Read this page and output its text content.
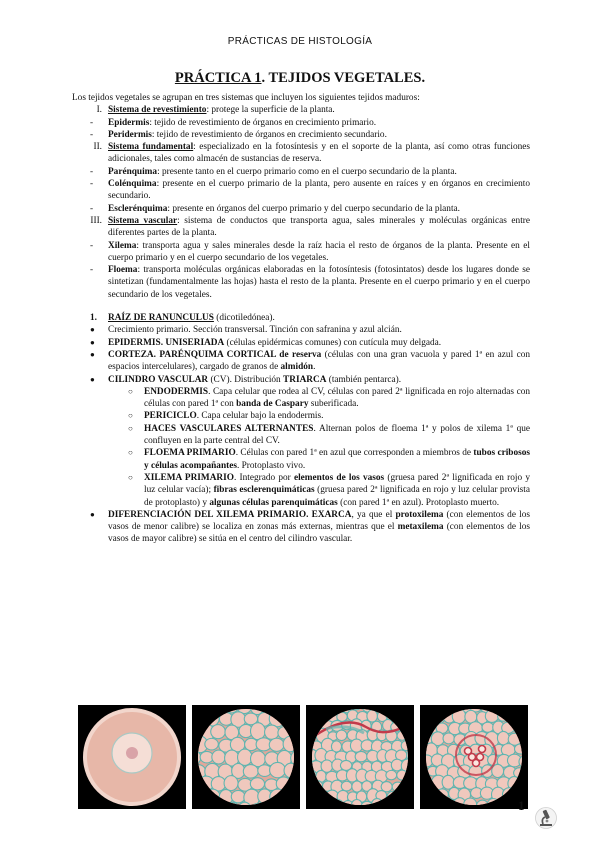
PRÁCTICAS DE HISTOLOGÍA
PRÁCTICA 1. TEJIDOS VEGETALES.

Los tejidos vegetales se agrupan en tres sistemas que incluyen los siguientes tejidos maduros:

I. Sistema de revestimiento: protege la superficie de la planta.

- Epidermis: tejido de revestimiento de órganos en crecimiento primario.

- Peridermis: tejido de revestimiento de órganos en crecimiento secundario.

II. Sistema fundamental: especializado en la fotosíntesis y en el soporte de la planta, así como otras funciones adicionales, tales como almacén de sustancias de reserva.

- Parénquima: presente tanto en el cuerpo primario como en el cuerpo secundario de la planta.

- Colénquima: presente en el cuerpo primario de la planta, pero ausente en raíces y en órganos en crecimiento secundario.

- Esclerénquima: presente en órganos del cuerpo primario y del cuerpo secundario de la planta.

III. Sistema vascular: sistema de conductos que transporta agua, sales minerales y moléculas orgánicas entre diferentes partes de la planta.

- Xilema: transporta agua y sales minerales desde la raíz hacia el resto de órganos de la planta. Presente en el cuerpo primario y en el cuerpo secundario de los vegetales.

- Floema: transporta moléculas orgánicas elaboradas en la fotosíntesis (fotosintatos) desde los lugares donde se sintetizan (fundamentalmente las hojas) hasta el resto de la planta. Presente en el cuerpo primario y en el cuerpo secundario de los vegetales.

1. RAÍZ DE RANUNCULUS (dicotiledónea).

● Crecimiento primario. Sección transversal. Tinción con safranina y azul alcián.

● EPIDERMIS. UNISERIADA (células epidérmicas comunes) con cutícula muy delgada.

● CORTEZA. PARÉNQUIMA CORTICAL de reserva (células con una gran vacuola y pared 1ª en azul con espacios intercelulares), cargado de granos de almidón.

● CILINDRO VASCULAR (CV). Distribución TRIARCA (también pentarca).

○ ENDODERMIS. Capa celular que rodea al CV, células con pared 2ª lignificada en rojo alternadas con células con pared 1ª con banda de Caspary suberificada.

○ PERICICLO. Capa celular bajo la endodermis.

○ HACES VASCULARES ALTERNANTES. Alternan polos de floema 1ª y polos de xilema 1ª que confluyen en la parte central del CV.

○ FLOEMA PRIMARIO. Células con pared 1ª en azul que corresponden a miembros de tubos cribosos y células acompañantes. Protoplasto vivo.

○ XILEMA PRIMARIO. Integrado por elementos de los vasos (gruesa pared 2ª lignificada en rojo y luz celular vacía); fibras esclerenquimáticas (gruesa pared 2ª lignificada en rojo y luz celular provista de protoplasto) y algunas células parenquimáticas (con pared 1ª en azul). Protoplasto muerto.

● DIFERENCIACIÓN DEL XILEMA PRIMARIO. EXARCA, ya que el protoxilema (con elementos de los vasos de menor calibre) se localiza en zonas más externas, mientras que el metaxilema (con elementos de los vasos de mayor calibre) se sitúa en el centro del cilindro vascular.

1
